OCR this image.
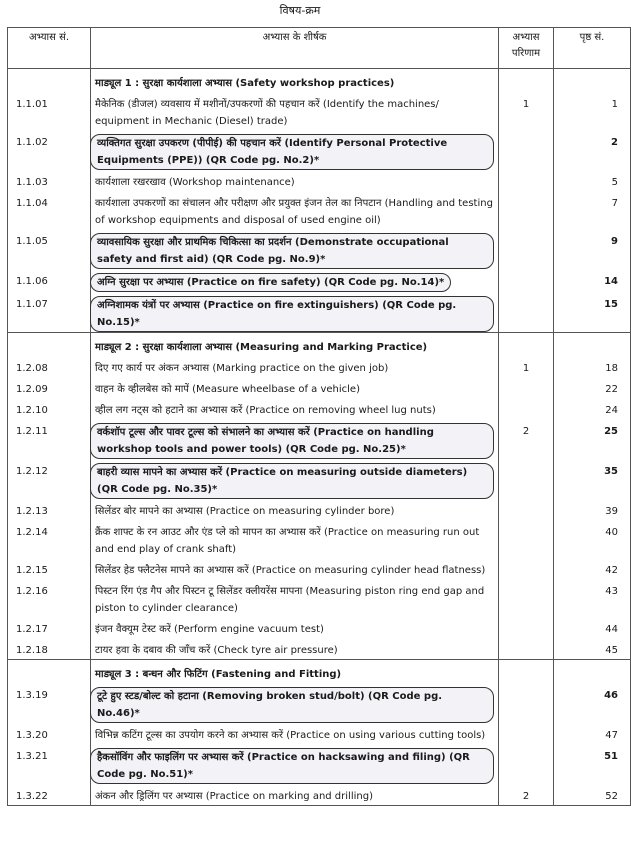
विषय-क्रम
अभ्यास सं.	अभ्यास के शीर्षक	अभ्यास परिणाम	पृष्ठ सं.
	माड्यूल 1 : सुरक्षा कार्यशाला अभ्यास (Safety workshop practices)		
1.1.01	मैकेनिक (डीजल) व्यवसाय में मशीनों/उपकरणों की पहचान करें (Identify the machines/ equipment in Mechanic (Diesel) trade)	1	1
1.1.02	व्यक्तिगत सुरक्षा उपकरण (पीपीई) की पहचान करें (Identify Personal Protective Equipments (PPE)) (QR Code pg. No.2)*		2
1.1.03	कार्यशाला रखरखाव (Workshop maintenance)		5
1.1.04	कार्यशाला उपकरणों का संचालन और परीक्षण और प्रयुक्त इंजन तेल का निपटान (Handling and testing of workshop equipments and disposal of used engine oil)		7
1.1.05	व्यावसायिक सुरक्षा और प्राथमिक चिकित्सा का प्रदर्शन (Demonstrate occupational safety and first aid) (QR Code pg. No.9)*		9
1.1.06	अग्नि सुरक्षा पर अभ्यास (Practice on fire safety) (QR Code pg. No.14)*		14
1.1.07	अग्निशामक यंत्रों पर अभ्यास (Practice on fire extinguishers) (QR Code pg. No.15)*		15
	माड्यूल 2 : सुरक्षा कार्यशाला अभ्यास (Measuring and Marking Practice)		
1.2.08	दिए गए कार्य पर अंकन अभ्यास (Marking practice on the given job)	1	18
1.2.09	वाहन के व्हीलबेस को मापें (Measure wheelbase of a vehicle)		22
1.2.10	व्हील लग नट्स को हटाने का अभ्यास करें (Practice on removing wheel lug nuts)		24
1.2.11	वर्कशॉप टूल्स और पावर टूल्स को संभालने का अभ्यास करें (Practice on handling workshop tools and power tools) (QR Code pg. No.25)*	2	25
1.2.12	बाहरी व्यास मापने का अभ्यास करें (Practice on measuring outside diameters) (QR Code pg. No.35)*		35
1.2.13	सिलेंडर बोर मापने का अभ्यास (Practice on measuring cylinder bore)		39
1.2.14	क्रैंक शाफ्ट के रन आउट और एंड प्ले को मापन का अभ्यास करें (Practice on measuring run out and end play of crank shaft)		40
1.2.15	सिलेंडर हेड फ्लैटनेस मापने का अभ्यास करें (Practice on measuring cylinder head flatness)		42
1.2.16	पिस्टन रिंग एंड गैप और पिस्टन टू सिलेंडर क्लीयरेंस मापना (Measuring piston ring end gap and piston to cylinder clearance)		43
1.2.17	इंजन वैक्यूम टेस्ट करें (Perform engine vacuum test)		44
1.2.18	टायर हवा के दबाव की जाँच करें (Check tyre air pressure)		45
	माड्यूल 3 : बन्धन और फिटिंग (Fastening and Fitting)		
1.3.19	टूटे हुए स्टड/बोल्ट को हटाना (Removing broken stud/bolt) (QR Code pg. No.46)*		46
1.3.20	विभिन्न कटिंग टूल्स का उपयोग करने का अभ्यास करें (Practice on using various cutting tools)		47
1.3.21	हैकसॉविंग और फाइलिंग पर अभ्यास करें (Practice on hacksawing and filing) (QR Code pg. No.51)*		51
1.3.22	अंकन और ड्रिलिंग पर अभ्यास (Practice on marking and drilling)	2	52
